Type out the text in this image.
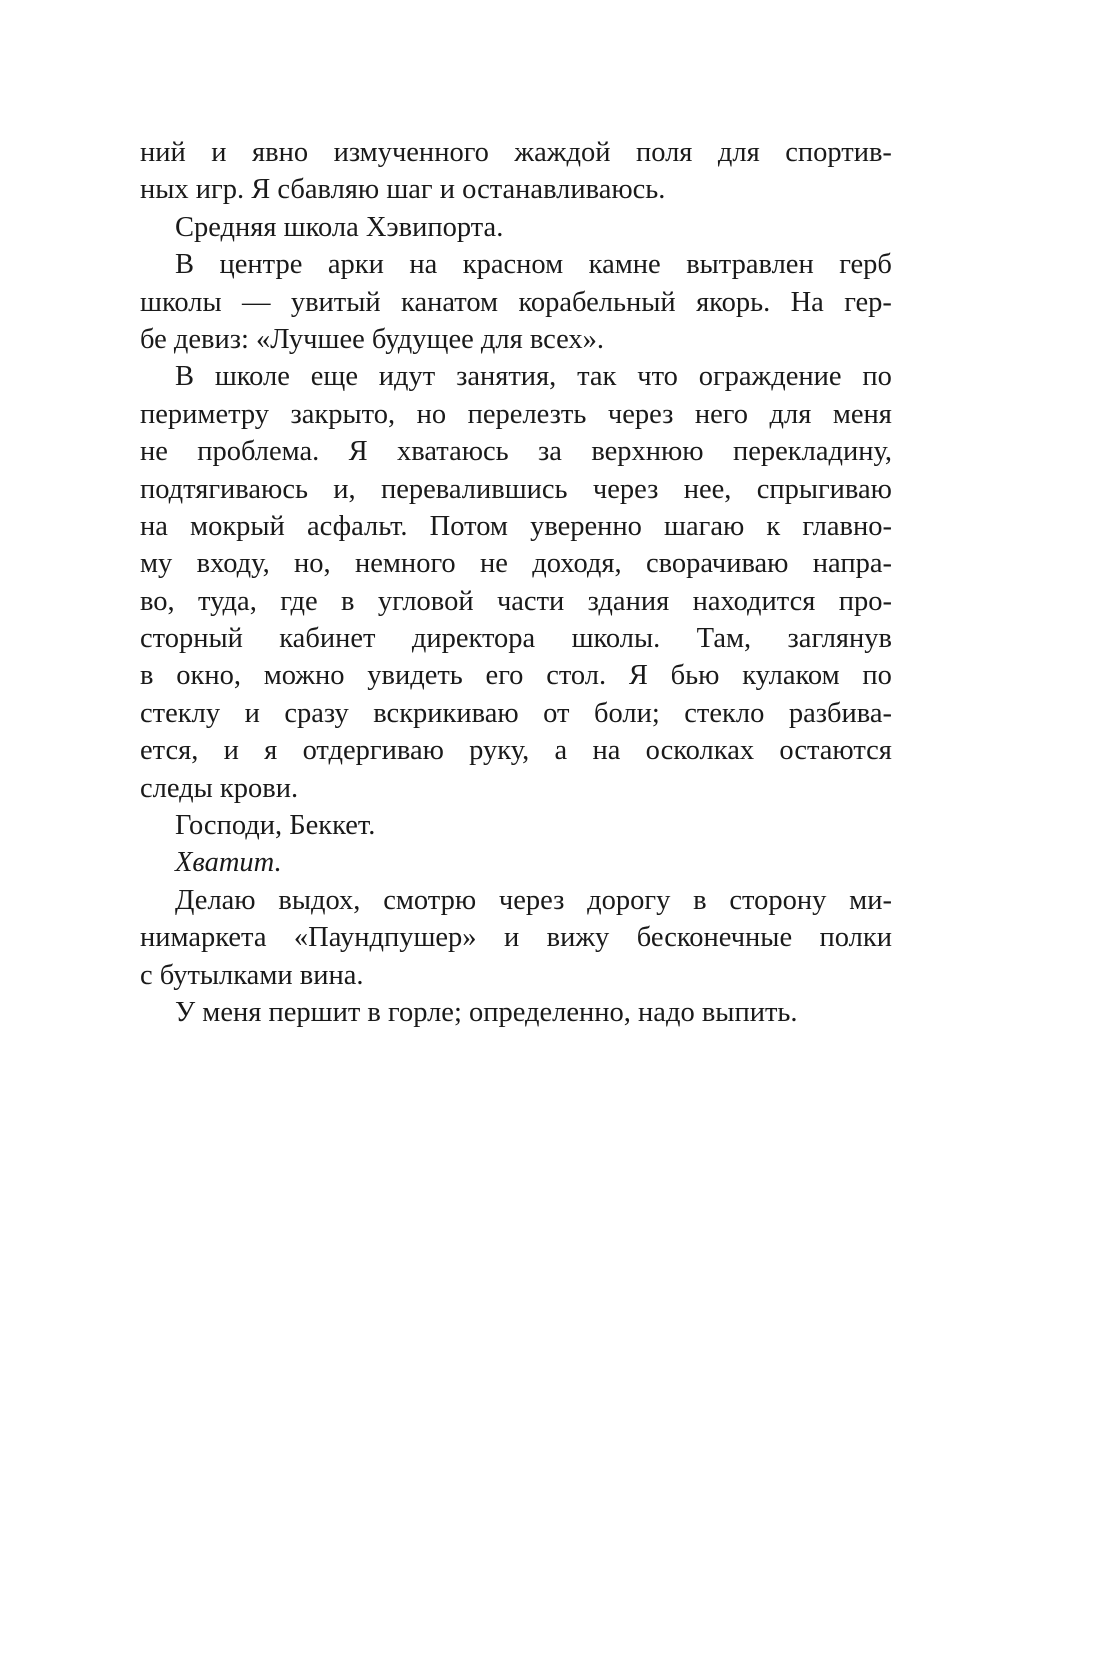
ний и явно измученного жаждой поля для спортив-
ных игр. Я сбавляю шаг и останавливаюсь.
Средняя школа Хэвипорта.
В центре арки на красном камне вытравлен герб
школы — увитый канатом корабельный якорь. На гер-
бе девиз: «Лучшее будущее для всех».
В школе еще идут занятия, так что ограждение по
периметру закрыто, но перелезть через него для меня
не проблема. Я хватаюсь за верхнюю перекладину,
подтягиваюсь и, перевалившись через нее, спрыгиваю
на мокрый асфальт. Потом уверенно шагаю к главно-
му входу, но, немного не доходя, сворачиваю напра-
во, туда, где в угловой части здания находится про-
сторный кабинет директора школы. Там, заглянув
в окно, можно увидеть его стол. Я бью кулаком по
стеклу и сразу вскрикиваю от боли; стекло разбива-
ется, и я отдергиваю руку, а на осколках остаются
следы крови.
Господи, Беккет.
Хватит.
Делаю выдох, смотрю через дорогу в сторону ми-
нимаркета «Паундпушер» и вижу бесконечные полки
с бутылками вина.
У меня першит в горле; определенно, надо выпить.
